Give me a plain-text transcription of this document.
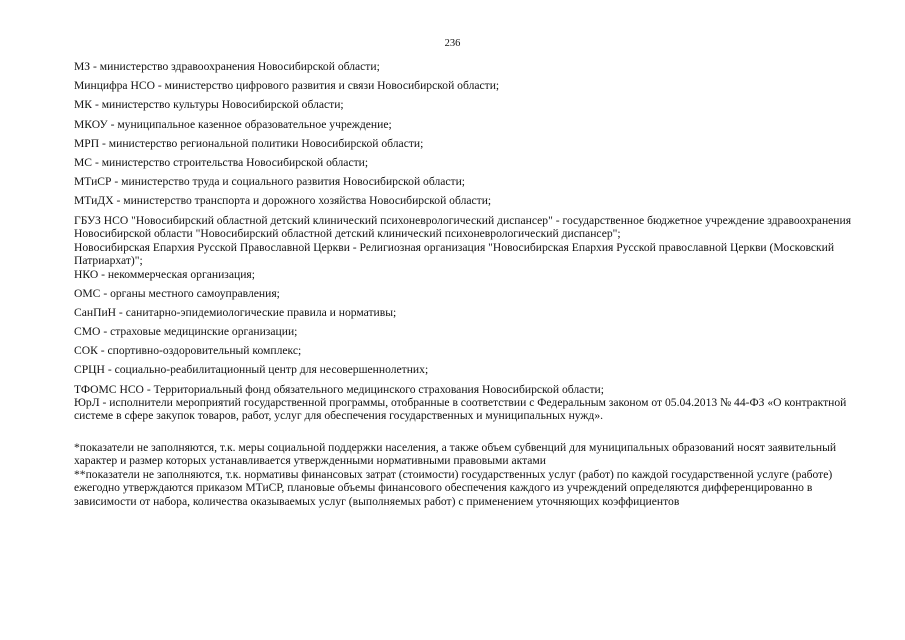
236
МЗ - министерство здравоохранения Новосибирской области;
Минцифра НСО - министерство цифрового развития и связи Новосибирской области;
МК - министерство культуры Новосибирской области;
МКОУ - муниципальное казенное образовательное учреждение;
МРП - министерство региональной политики Новосибирской области;
МС - министерство строительства Новосибирской области;
МТиСР - министерство труда и социального развития Новосибирской области;
МТиДХ - министерство транспорта и дорожного хозяйства Новосибирской области;
ГБУЗ НСО "Новосибирский областной детский клинический психоневрологический диспансер" - государственное бюджетное учреждение здравоохранения Новосибирской области "Новосибирский областной детский клинический психоневрологический диспансер";
Новосибирская Епархия Русской Православной Церкви - Религиозная организация "Новосибирская Епархия Русской православной Церкви (Московский Патриархат)";
НКО - некоммерческая организация;
ОМС - органы местного самоуправления;
СанПиН - санитарно-эпидемиологические правила и нормативы;
СМО - страховые медицинские организации;
СОК - спортивно-оздоровительный комплекс;
СРЦН - социально-реабилитационный центр для несовершеннолетних;
ТФОМС НСО - Территориальный фонд обязательного медицинского страхования Новосибирской области;
ЮрЛ - исполнители мероприятий государственной программы, отобранные в соответствии с Федеральным законом от 05.04.2013 № 44-ФЗ «О контрактной системе в сфере закупок товаров, работ, услуг для обеспечения государственных и муниципальных нужд».

*показатели не заполняются, т.к. меры социальной поддержки населения, а также объем субвенций для муниципальных образований носят заявительный характер и размер которых устанавливается утвержденными нормативными правовыми актами

**показатели не заполняются, т.к. нормативы финансовых затрат (стоимости) государственных услуг (работ) по каждой государственной услуге (работе) ежегодно утверждаются приказом МТиСР, плановые объемы финансового обеспечения каждого из учреждений определяются дифференцированно в зависимости от набора, количества оказываемых услуг (выполняемых работ) с применением уточняющих коэффициентов
